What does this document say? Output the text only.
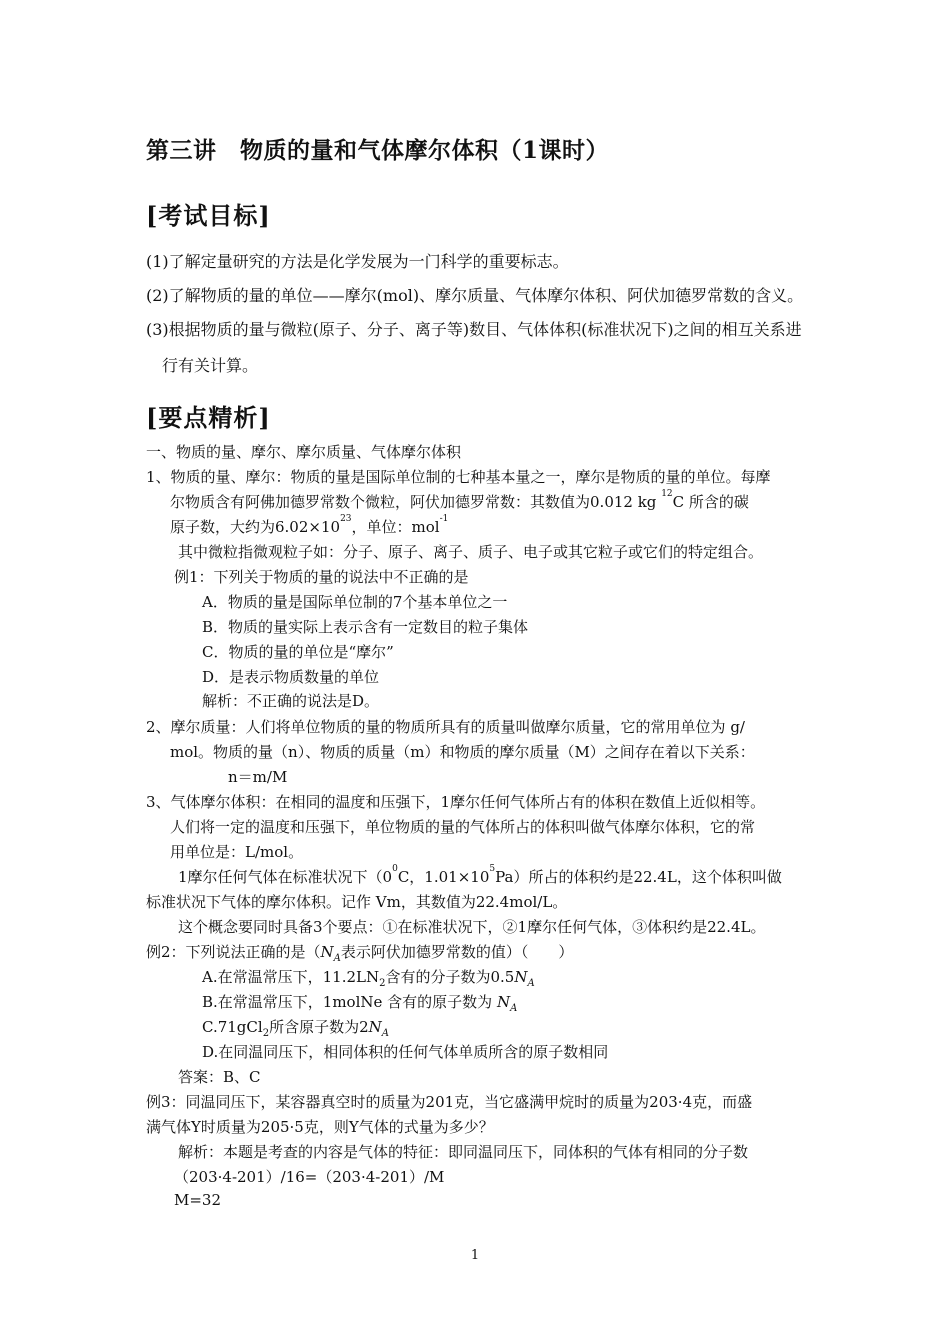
第三讲　物质的量和气体摩尔体积（1课时）
[考试目标]
(1)了解定量研究的方法是化学发展为一门科学的重要标志。
(2)了解物质的量的单位——摩尔(mol)、摩尔质量、气体摩尔体积、阿伏加德罗常数的含义。
(3)根据物质的量与微粒(原子、分子、离子等)数目、气体体积(标准状况下)之间的相互关系进
行有关计算。
[要点精析]
一、物质的量、摩尔、摩尔质量、气体摩尔体积
1、物质的量、摩尔：物质的量是国际单位制的七种基本量之一，摩尔是物质的量的单位。每摩
尔物质含有阿佛加德罗常数个微粒，阿伏加德罗常数：其数值为0.012 kg $^{12}$C 所含的碳
原子数，大约为$6.02\times 10^{23}$，单位：mol$^{-1}$
其中微粒指微观粒子如：分子、原子、离子、质子、电子或其它粒子或它们的特定组合。
例1：下列关于物质的量的说法中不正确的是
A．物质的量是国际单位制的7个基本单位之一
B．物质的量实际上表示含有一定数目的粒子集体
C．物质的量的单位是“摩尔”
D．是表示物质数量的单位
解析：不正确的说法是D。
2、摩尔质量：人们将单位物质的量的物质所具有的质量叫做摩尔质量，它的常用单位为 g/
mol。物质的量（n）、物质的质量（m）和物质的摩尔质量（M）之间存在着以下关系：
n＝m/M
3、气体摩尔体积：在相同的温度和压强下，1摩尔任何气体所占有的体积在数值上近似相等。
人们将一定的温度和压强下，单位物质的量的气体所占的体积叫做气体摩尔体积，它的常
用单位是：L/mol。
1摩尔任何气体在标准状况下（$0^0C$，$1.01\times 10^5Pa$）所占的体积约是22.4L，这个体积叫做
标准状况下气体的摩尔体积。记作 Vm，其数值为22.4mol/L。
这个概念要同时具备3个要点：①在标准状况下，②1摩尔任何气体，③体积约是22.4L。
例2：下列说法正确的是（$N_A$表示阿伏加德罗常数的值）（　　）
A.在常温常压下，$11.2LN_2$含有的分子数为$0.5N_A$
B.在常温常压下，1molNe 含有的原子数为 $N_A$
C.71gCl$_2$所含原子数为$2N_A$
D.在同温同压下，相同体积的任何气体单质所含的原子数相同
答案：B、C
例3：同温同压下，某容器真空时的质量为201克，当它盛满甲烷时的质量为203·4克，而盛
满气体Y时质量为205·5克，则Y气体的式量为多少？
解析：本题是考查的内容是气体的特征：即同温同压下，同体积的气体有相同的分子数
（203·4-201）/16=（203·4-201）/M
M=32
1
